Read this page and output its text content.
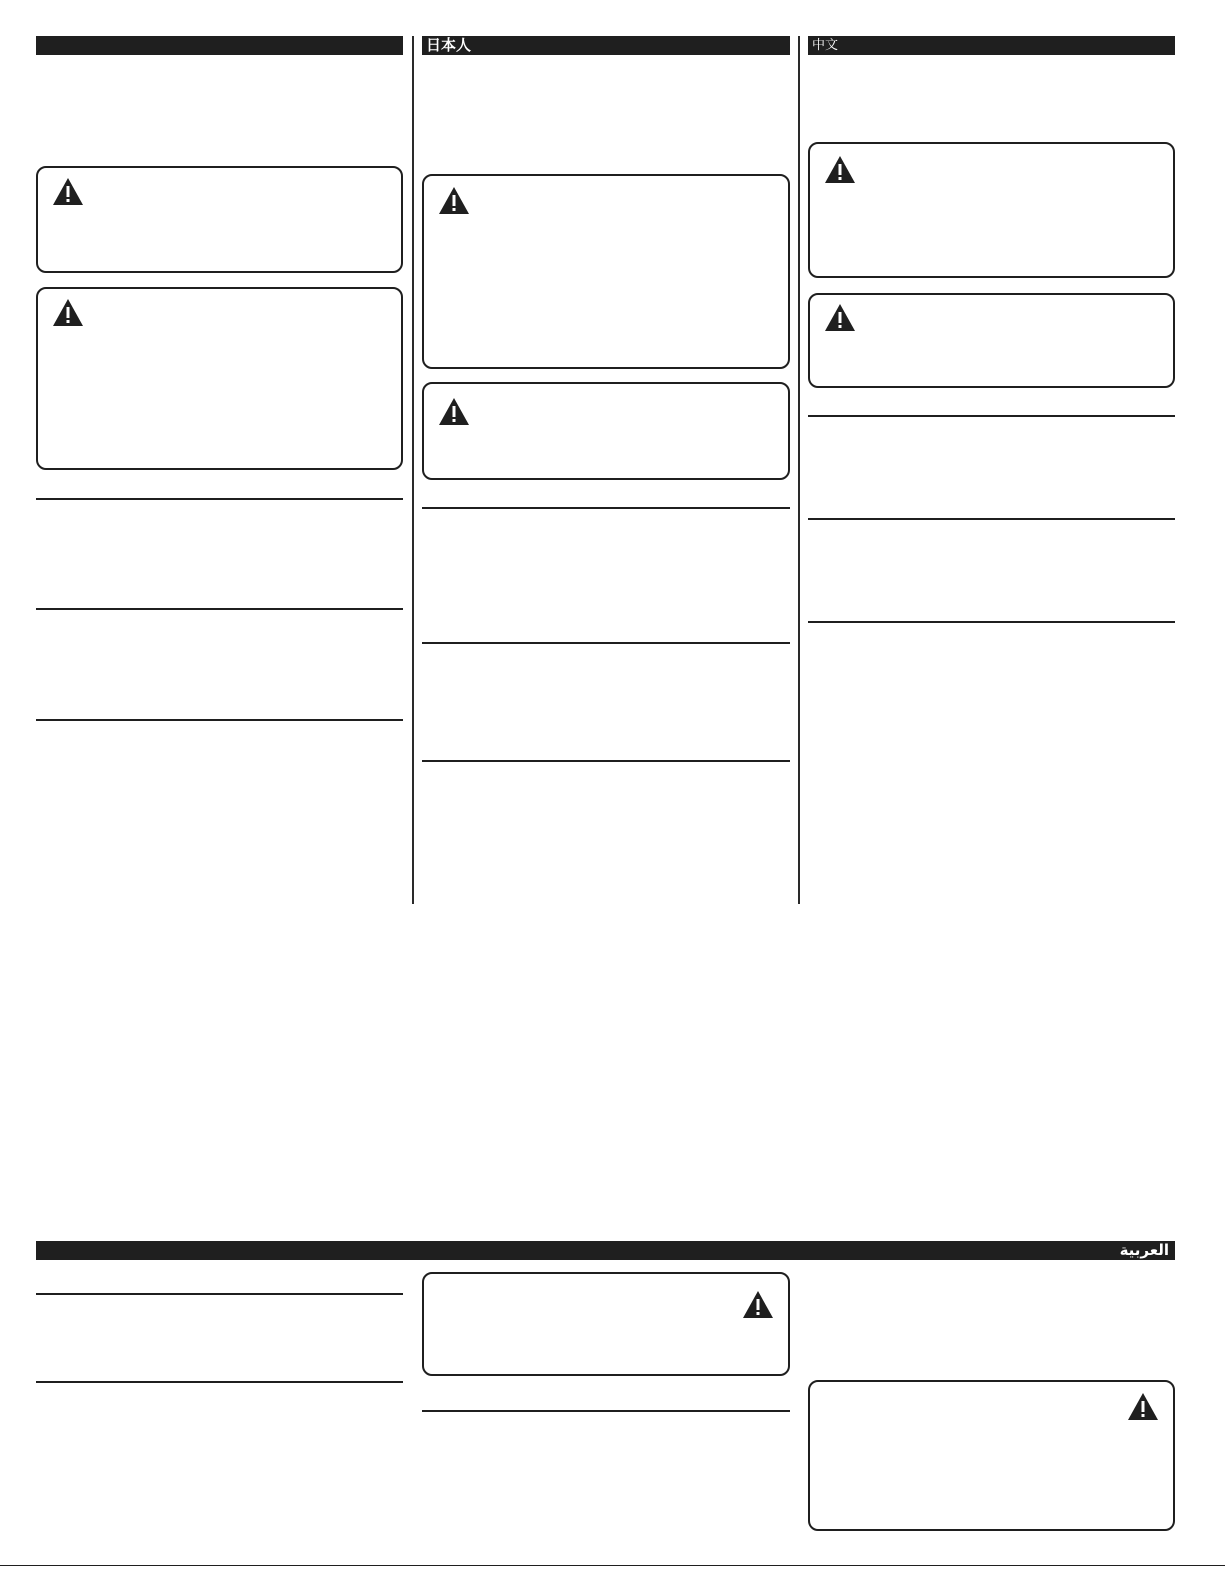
日本人	中文
العربية
